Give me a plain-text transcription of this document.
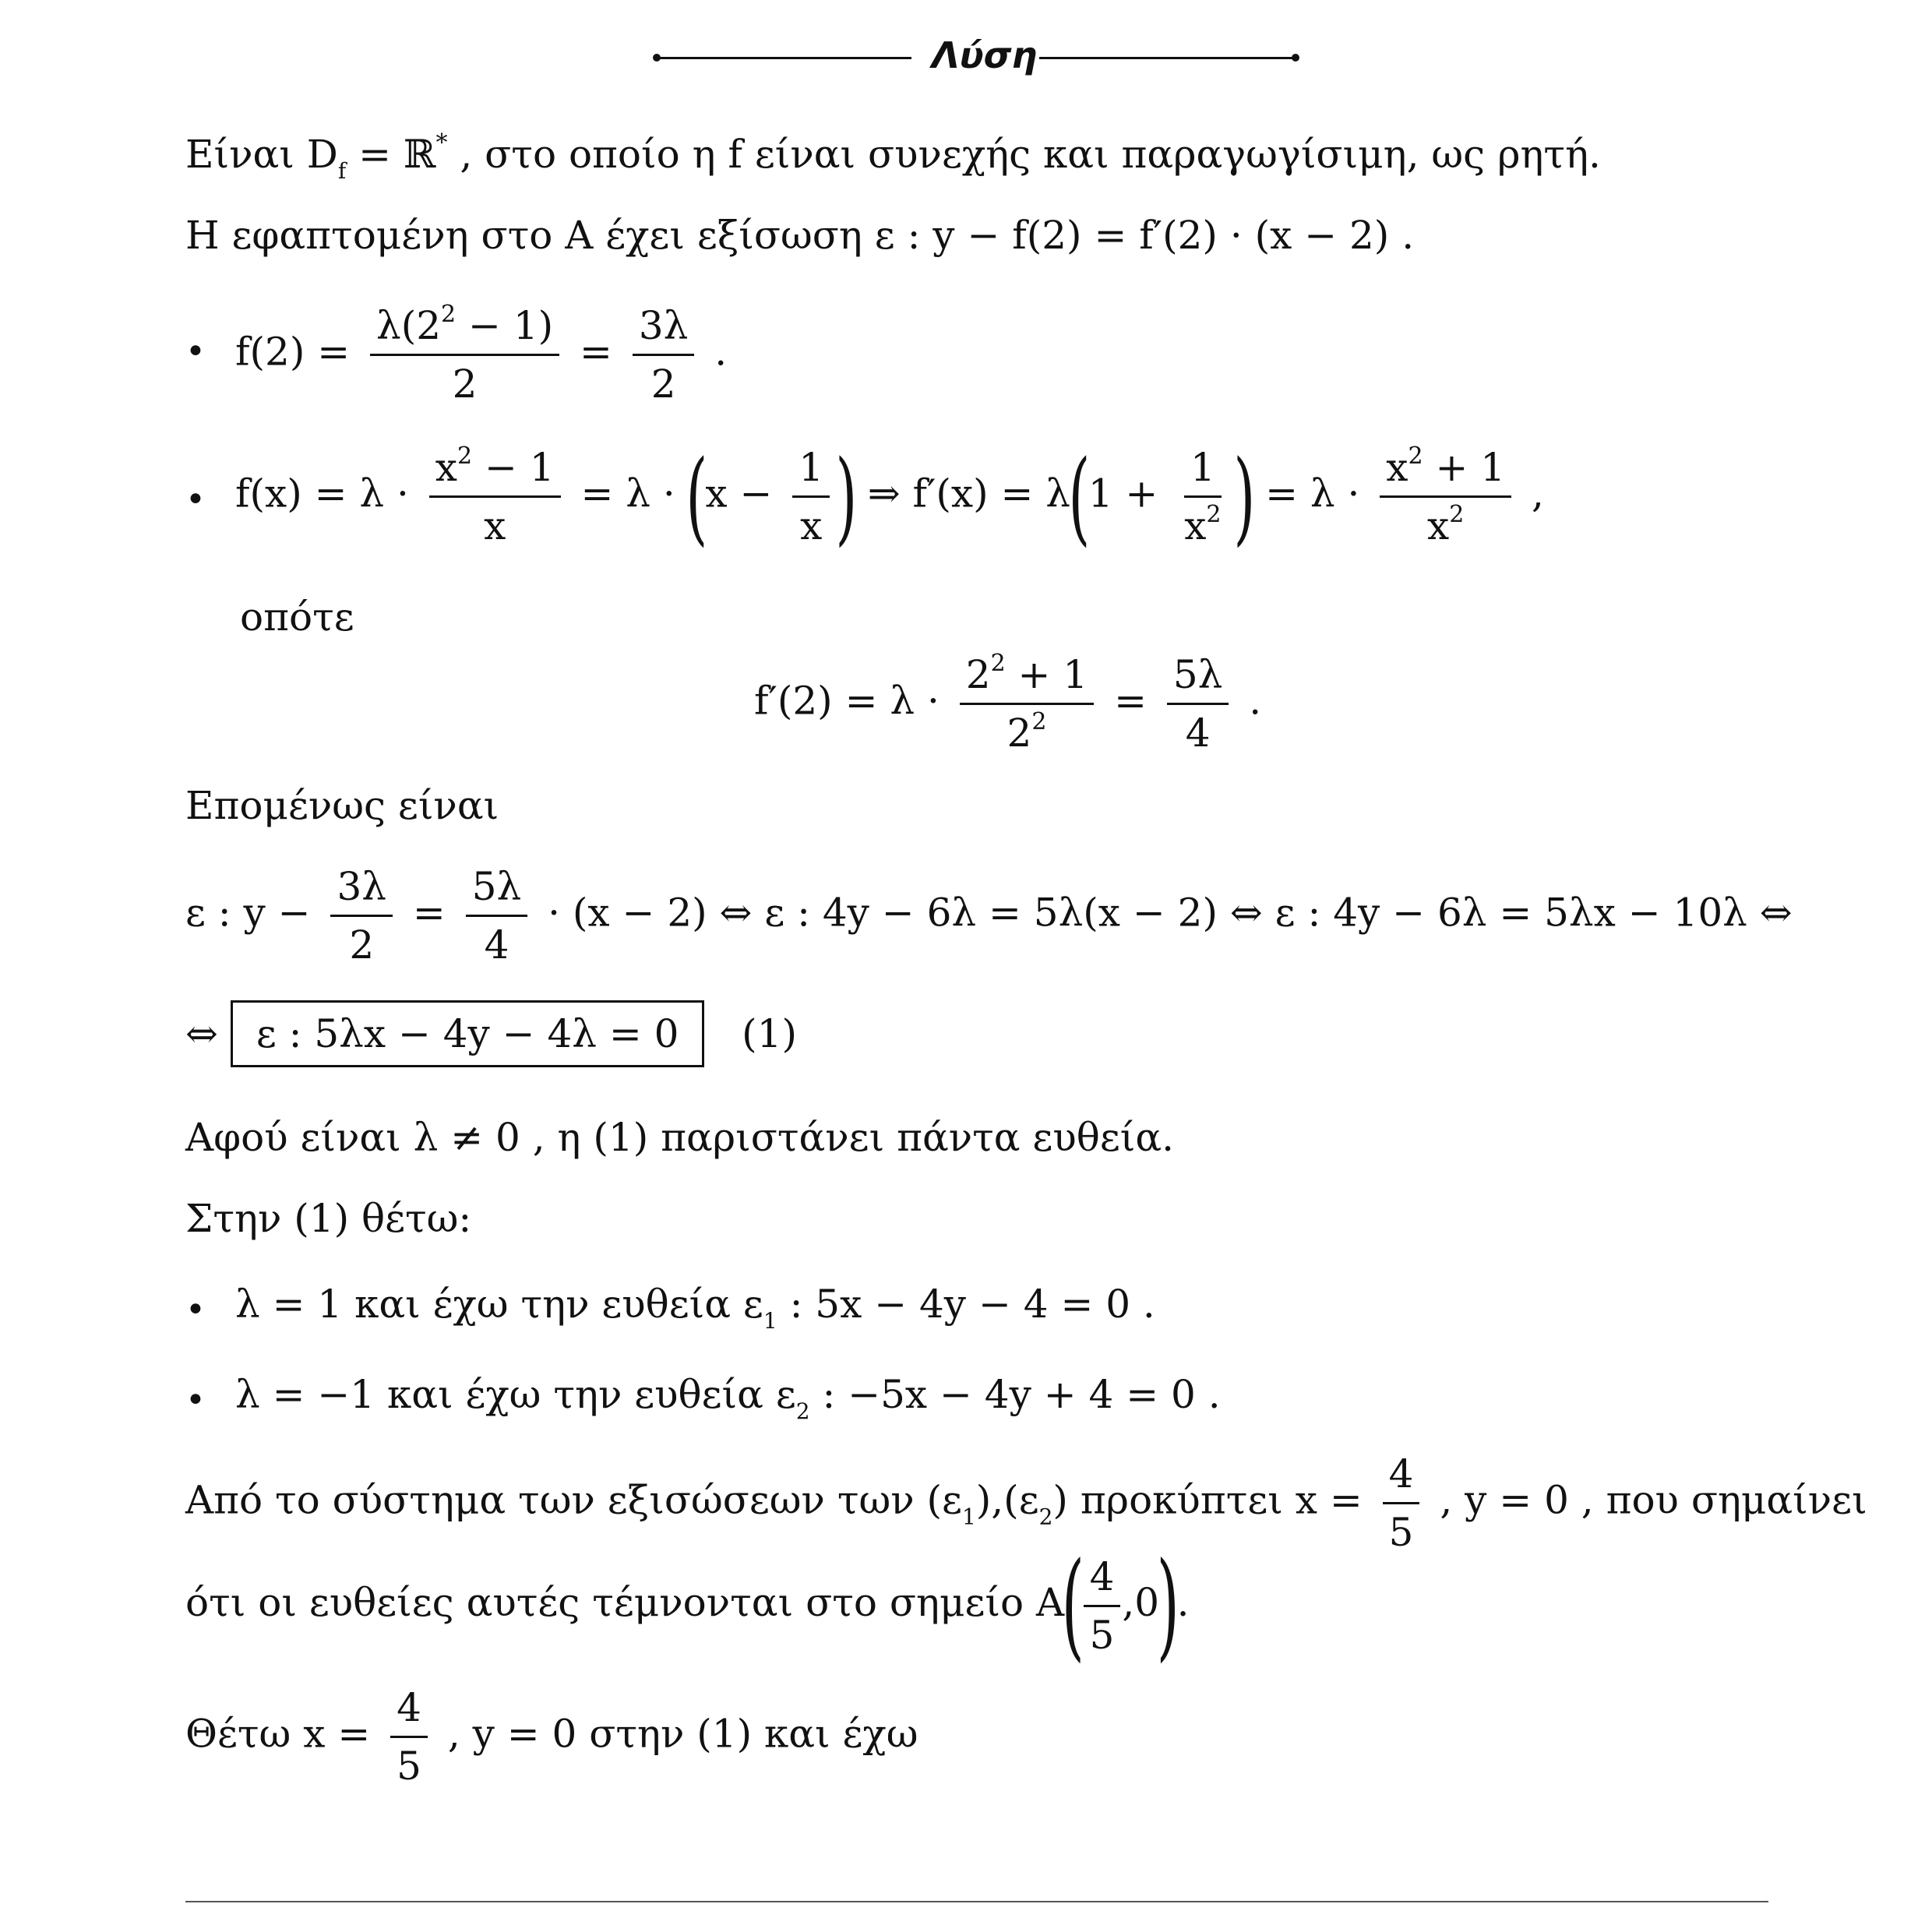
Λύση
Είναι $D_f$ = ℝ* , στο οποίο η f είναι συνεχής και παραγωγίσιμη, ως ρητή.
Η εφαπτομένη στο Α έχει εξίσωση ε : y − f(2) = f′(2) · (x − 2) .
• $f(2) = \frac{\lambda(2^2 - 1)}{2} = \frac{3\lambda}{2}$ .
• $f(x) = \lambda \cdot \frac{x^2 - 1}{x} = \lambda \cdot (x - \frac{1}{x}$ ) ⇒ $f'(x) = \lambda(1 + \frac{1}{x^2}$ ) = $\lambda \cdot \frac{x^2 + 1}{x^2}$ ,
οπότε
$f'(2) = \lambda \cdot \frac{2^2 + 1}{2^2} = \frac{5\lambda}{4}$ .
Επομένως είναι
ε : $y - \frac{3\lambda}{2} = \frac{5\lambda}{4} \cdot (x - 2)$ ⇔ ε : 4y − 6λ = 5λ(x − 2) ⇔ ε : 4y − 6λ = 5λx − 10λ ⇔
⇔ ε : 5λx − 4y − 4λ = 0 (1)
Αφού είναι λ ≠ 0 , η (1) παριστάνει πάντα ευθεία.
Στην (1) θέτω:
• λ = 1 και έχω την ευθεία $\varepsilon_1$ : 5x − 4y − 4 = 0 .
• λ = −1 και έχω την ευθεία $\varepsilon_2$ : −5x − 4y + 4 = 0 .
Από το σύστημα των εξισώσεων των $(\varepsilon_1),(\varepsilon_2)$ προκύπτει $x = \frac{4}{5}$ , y = 0 , που σημαίνει
ότι οι ευθείες αυτές τέμνονται στο σημείο Α(
$\frac{4}{5} ,0$).
Θέτω $x = \frac{4}{5}$ , y = 0 στην (1) και έχω
